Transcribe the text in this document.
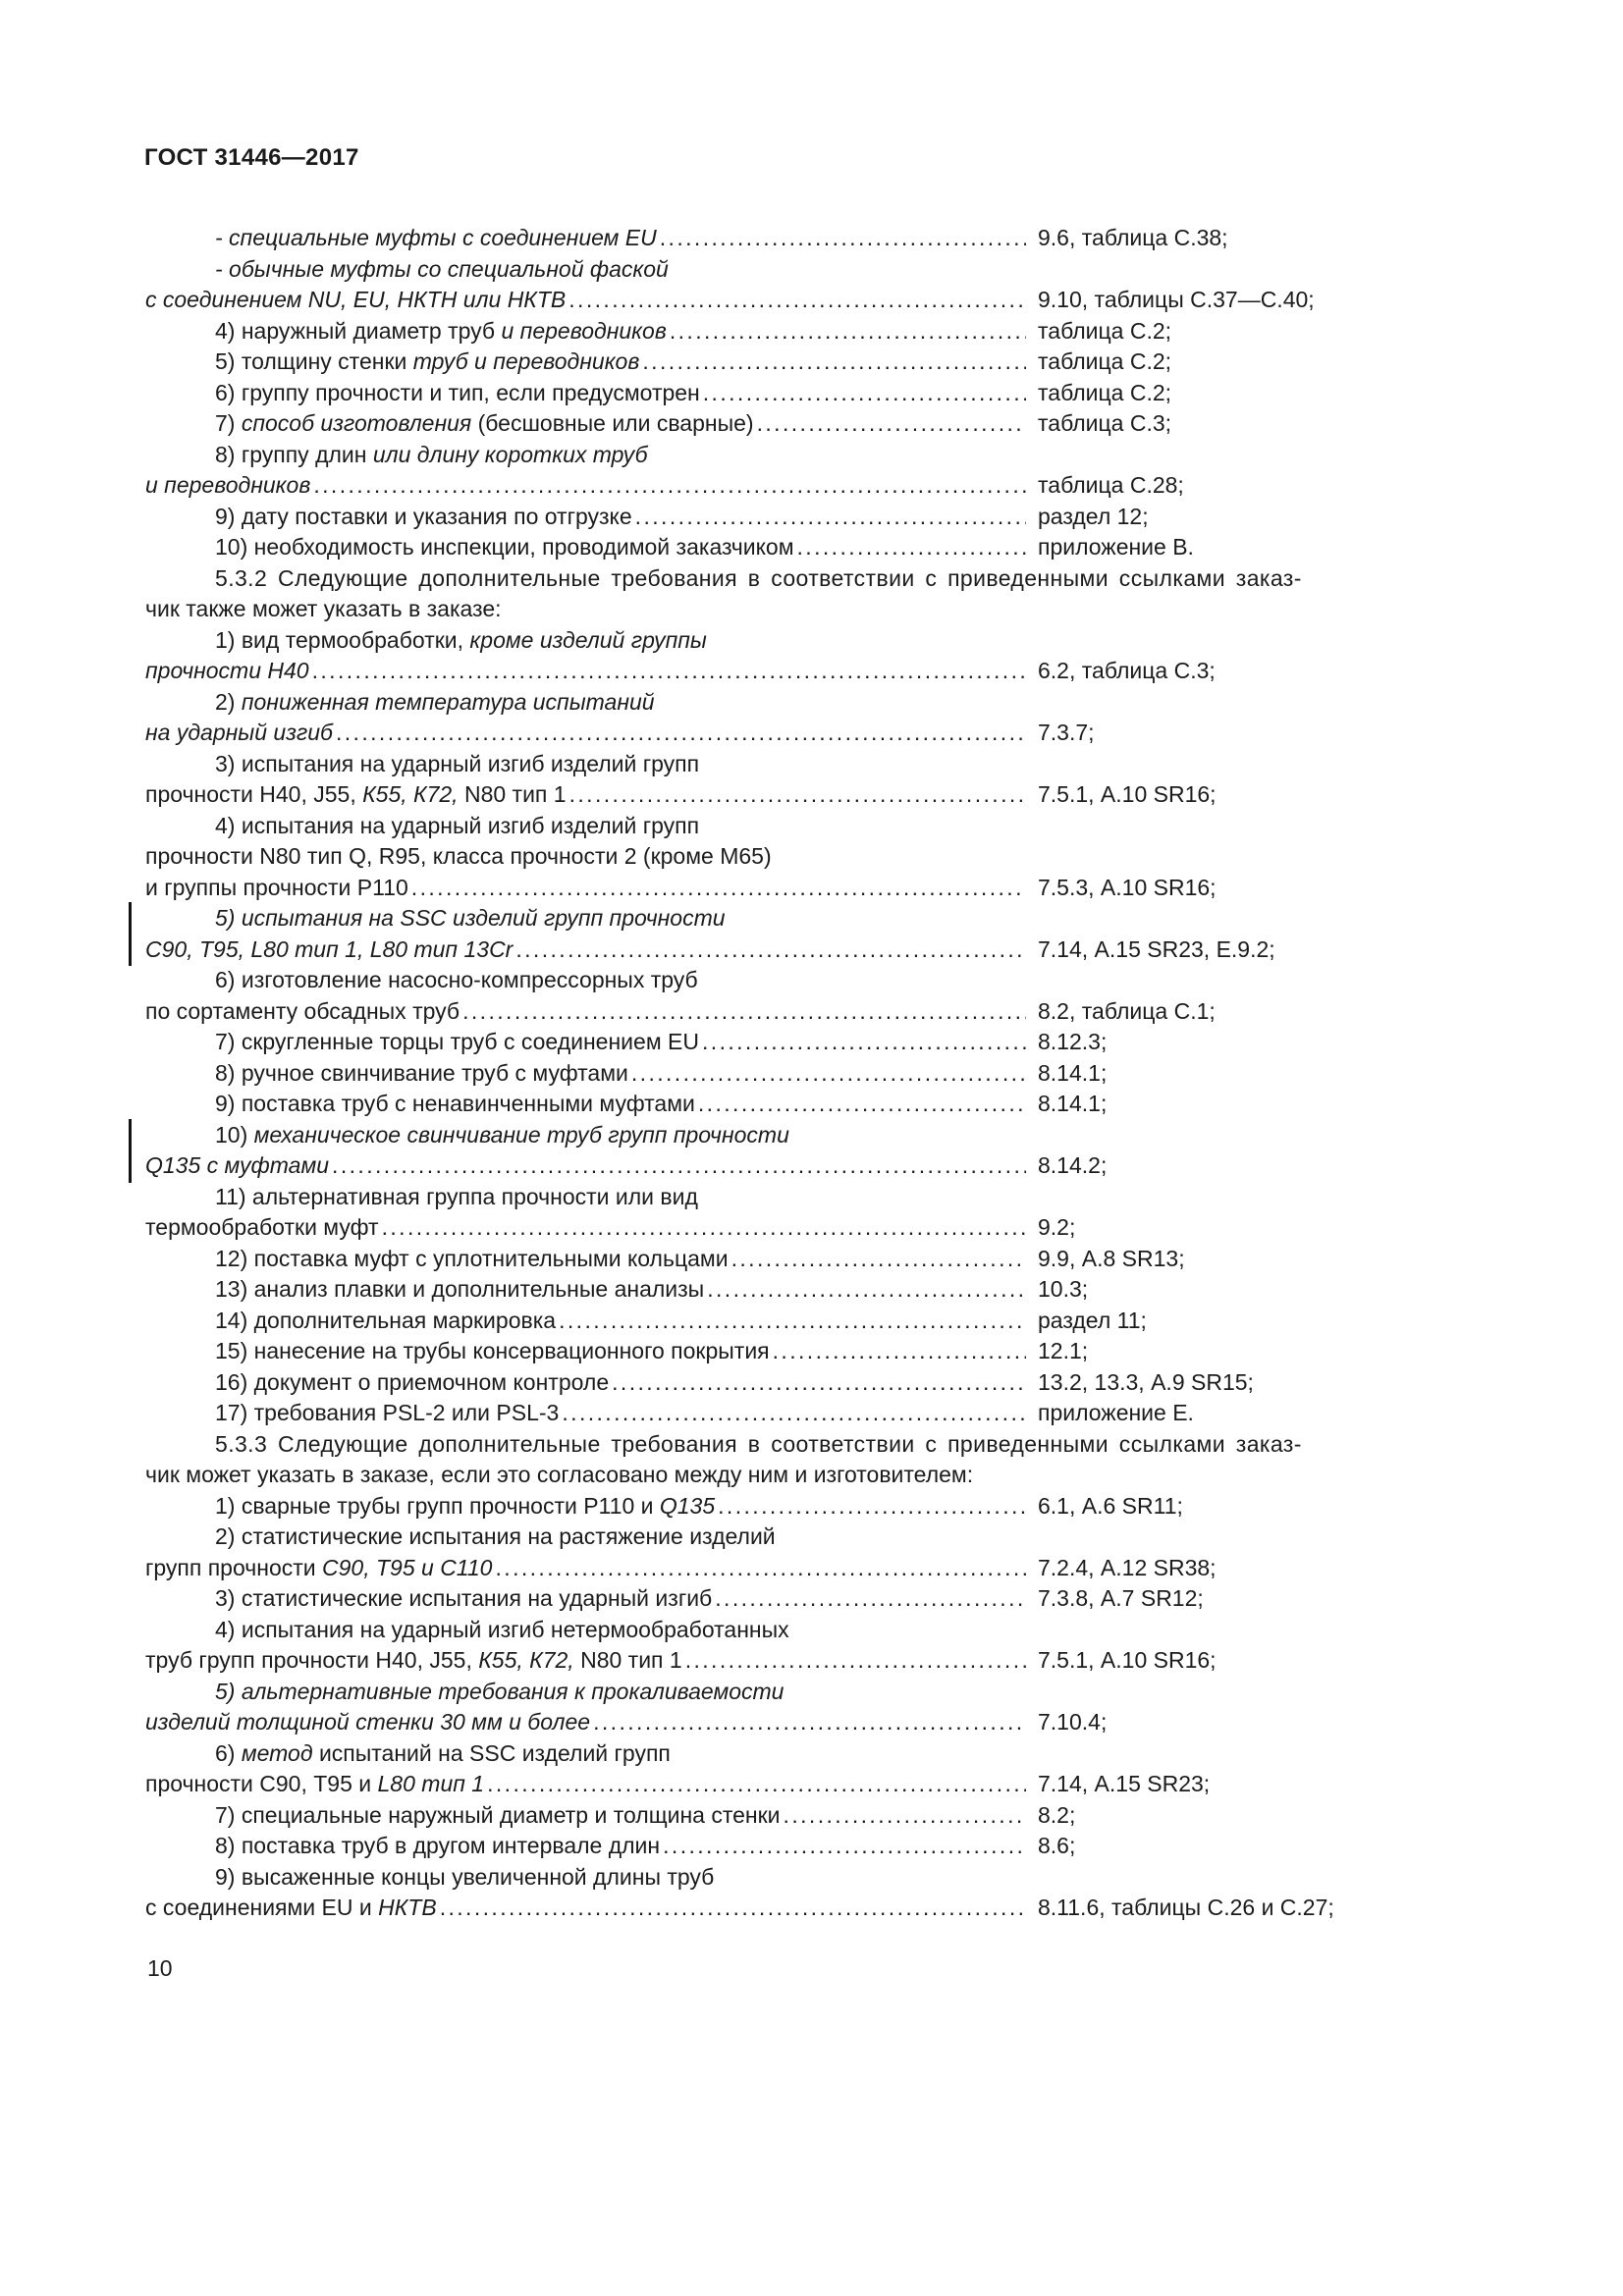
ГОСТ 31446—2017
- специальные муфты с соединением EU .....	9.6, таблица С.38;
- обычные муфты со специальной фаской
с соединением NU, EU, НКТН или НКТВ .....	9.10, таблицы С.37—С.40;
4) наружный диаметр труб и переводников .....	таблица С.2;
5) толщину стенки труб и переводников .....	таблица С.2;
6) группу прочности и тип, если предусмотрен .....	таблица С.2;
7) способ изготовления (бесшовные или сварные) .....	таблица С.3;
8) группу длин или длину коротких труб
и переводников .....	таблица С.28;
9) дату поставки и указания по отгрузке .....	раздел 12;
10) необходимость инспекции, проводимой заказчиком .....	приложение В.
5.3.2 Следующие дополнительные требования в соответствии с приведенными ссылками заказ-
чик также может указать в заказе:
1) вид термообработки, кроме изделий группы
прочности Н40 .....	6.2, таблица С.3;
2) пониженная температура испытаний
на ударный изгиб .....	7.3.7;
3) испытания на ударный изгиб изделий групп
прочности Н40, J55, К55, К72, N80 тип 1 .....	7.5.1, А.10 SR16;
4) испытания на ударный изгиб изделий групп
прочности N80 тип Q, R95, класса прочности 2 (кроме М65)
и группы прочности Р110 .....	7.5.3, А.10 SR16;
5) испытания на SSC изделий групп прочности
С90, Т95, L80 тип 1, L80 тип 13Cr .....	7.14, А.15 SR23, Е.9.2;
6) изготовление насосно-компрессорных труб
по сортаменту обсадных труб .....	8.2, таблица С.1;
7) скругленные торцы труб с соединением EU .....	8.12.3;
8) ручное свинчивание труб с муфтами .....	8.14.1;
9) поставка труб с ненавинченными муфтами .....	8.14.1;
10) механическое свинчивание труб групп прочности
Q135 с муфтами .....	8.14.2;
11) альтернативная группа прочности или вид
термообработки муфт .....	9.2;
12) поставка муфт с уплотнительными кольцами .....	9.9, А.8 SR13;
13) анализ плавки и дополнительные анализы .....	10.3;
14) дополнительная маркировка .....	раздел 11;
15) нанесение на трубы консервационного покрытия .....	12.1;
16) документ о приемочном контроле .....	13.2, 13.3, А.9 SR15;
17) требования PSL-2 или PSL-3 .....	приложение Е.
5.3.3 Следующие дополнительные требования в соответствии с приведенными ссылками заказ-
чик может указать в заказе, если это согласовано между ним и изготовителем:
1) сварные трубы групп прочности Р110 и Q135 .....	6.1, А.6 SR11;
2) статистические испытания на растяжение изделий
групп прочности С90, Т95 и С110 .....	7.2.4, А.12 SR38;
3) статистические испытания на ударный изгиб .....	7.3.8, А.7 SR12;
4) испытания на ударный изгиб нетермообработанных
труб групп прочности Н40, J55, К55, К72, N80 тип 1 .....	7.5.1, А.10 SR16;
5) альтернативные требования к прокаливаемости
изделий толщиной стенки 30 мм и более .....	7.10.4;
6) метод испытаний на SSC изделий групп
прочности С90, Т95 и L80 тип 1 .....	7.14, А.15 SR23;
7) специальные наружный диаметр и толщина стенки .....	8.2;
8) поставка труб в другом интервале длин .....	8.6;
9) высаженные концы увеличенной длины труб
с соединениями EU и НКТВ .....	8.11.6, таблицы С.26 и С.27;
10
